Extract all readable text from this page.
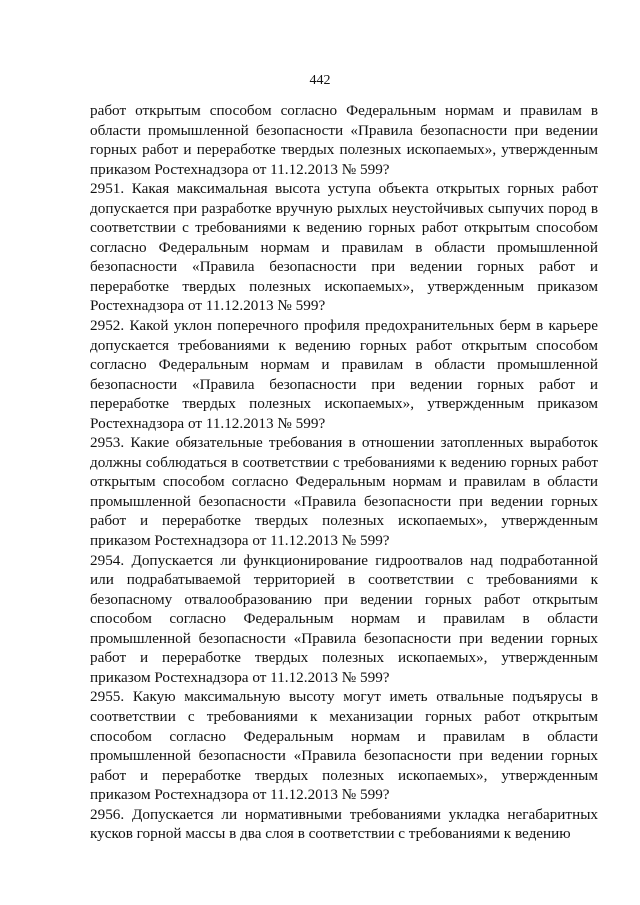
442

работ открытым способом согласно Федеральным нормам и правилам в области промышленной безопасности «Правила безопасности при ведении горных работ и переработке твердых полезных ископаемых», утвержденным приказом Ростехнадзора от 11.12.2013 № 599?

2951. Какая максимальная высота уступа объекта открытых горных работ допускается при разработке вручную рыхлых неустойчивых сыпучих пород в соответствии с требованиями к ведению горных работ открытым способом согласно Федеральным нормам и правилам в области промышленной безопасности «Правила безопасности при ведении горных работ и переработке твердых полезных ископаемых», утвержденным приказом Ростехнадзора от 11.12.2013 № 599?

2952. Какой уклон поперечного профиля предохранительных берм в карьере допускается требованиями к ведению горных работ открытым способом согласно Федеральным нормам и правилам в области промышленной безопасности «Правила безопасности при ведении горных работ и переработке твердых полезных ископаемых», утвержденным приказом Ростехнадзора от 11.12.2013 № 599?

2953. Какие обязательные требования в отношении затопленных выработок должны соблюдаться в соответствии с требованиями к ведению горных работ открытым способом согласно Федеральным нормам и правилам в области промышленной безопасности «Правила безопасности при ведении горных работ и переработке твердых полезных ископаемых», утвержденным приказом Ростехнадзора от 11.12.2013 № 599?

2954. Допускается ли функционирование гидроотвалов над подработанной или подрабатываемой территорией в соответствии с требованиями к безопасному отвалообразованию при ведении горных работ открытым способом согласно Федеральным нормам и правилам в области промышленной безопасности «Правила безопасности при ведении горных работ и переработке твердых полезных ископаемых», утвержденным приказом Ростехнадзора от 11.12.2013 № 599?

2955. Какую максимальную высоту могут иметь отвальные подъярусы в соответствии с требованиями к механизации горных работ открытым способом согласно Федеральным нормам и правилам в области промышленной безопасности «Правила безопасности при ведении горных работ и переработке твердых полезных ископаемых», утвержденным приказом Ростехнадзора от 11.12.2013 № 599?

2956. Допускается ли нормативными требованиями укладка негабаритных кусков горной массы в два слоя в соответствии с требованиями к ведению
